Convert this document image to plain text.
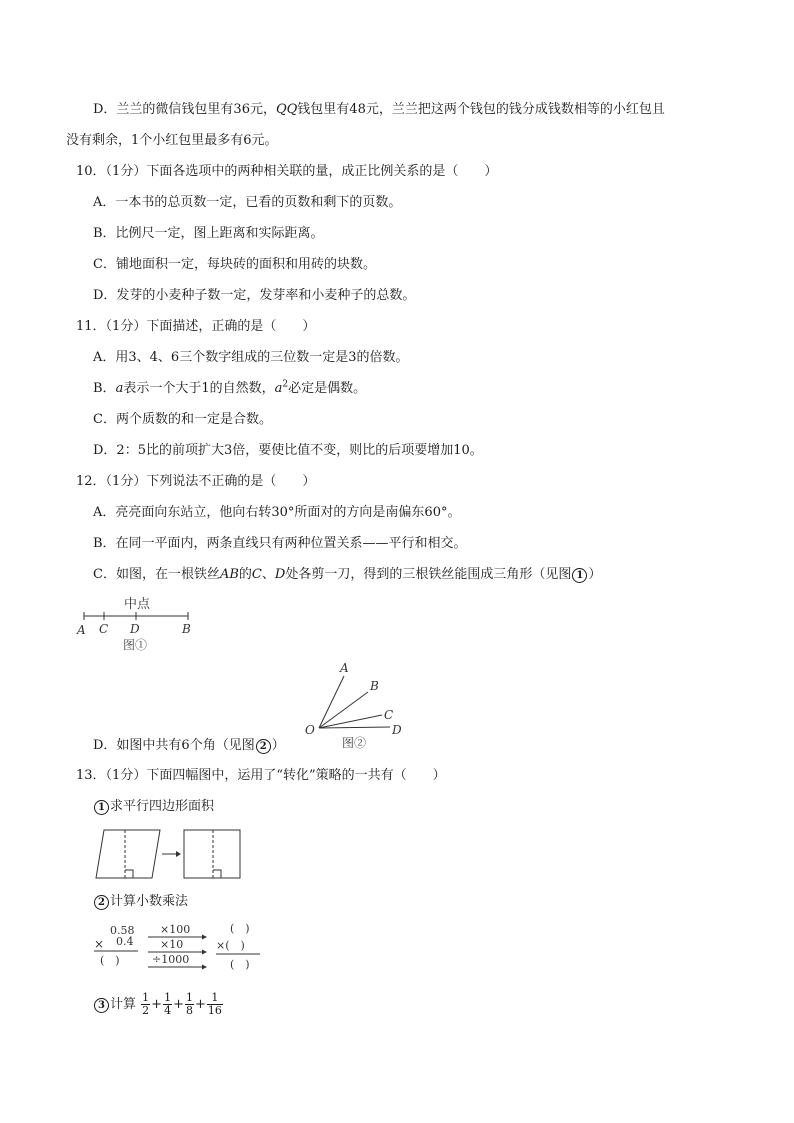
D．兰兰的微信钱包里有36元，QQ钱包里有48元，兰兰把这两个钱包的钱分成钱数相等的小红包且
没有剩余，1个小红包里最多有6元。
10．（1分）下面各选项中的两种相关联的量，成正比例关系的是（　　）
A．一本书的总页数一定，已看的页数和剩下的页数。
B．比例尺一定，图上距离和实际距离。
C．铺地面积一定，每块砖的面积和用砖的块数。
D．发芽的小麦种子数一定，发芽率和小麦种子的总数。
11．（1分）下面描述，正确的是（　　）
A．用3、4、6三个数字组成的三位数一定是3的倍数。
B．a表示一个大于1的自然数，$a^2$必定是偶数。
C．两个质数的和一定是合数。
D．2：5比的前项扩大3倍，要使比值不变，则比的后项要增加10。
12．（1分）下列说法不正确的是（　　）
A．亮亮面向东站立，他向右转30°所面对的方向是南偏东60°。
B．在同一平面内，两条直线只有两种位置关系——平行和相交。
C．如图，在一根铁丝AB的C、D处各剪一刀，得到的三根铁丝能围成三角形（见图 1 ）
中点
A C D	B
图①
A
B
C
D
O
图②
D．如图中共有6个角（见图 2 ）
13．（1分）下面四幅图中，运用了“转化”策略的一共有（　　）
1 求平行四边形面积
2 计算小数乘法
0.58
× 0.4
(　)
×100
×10
÷1000
(　)
×(　)
(　)
3 计算 $\frac{1}{2} + \frac{1}{4} + \frac{1}{8} + \frac{1}{16}$
